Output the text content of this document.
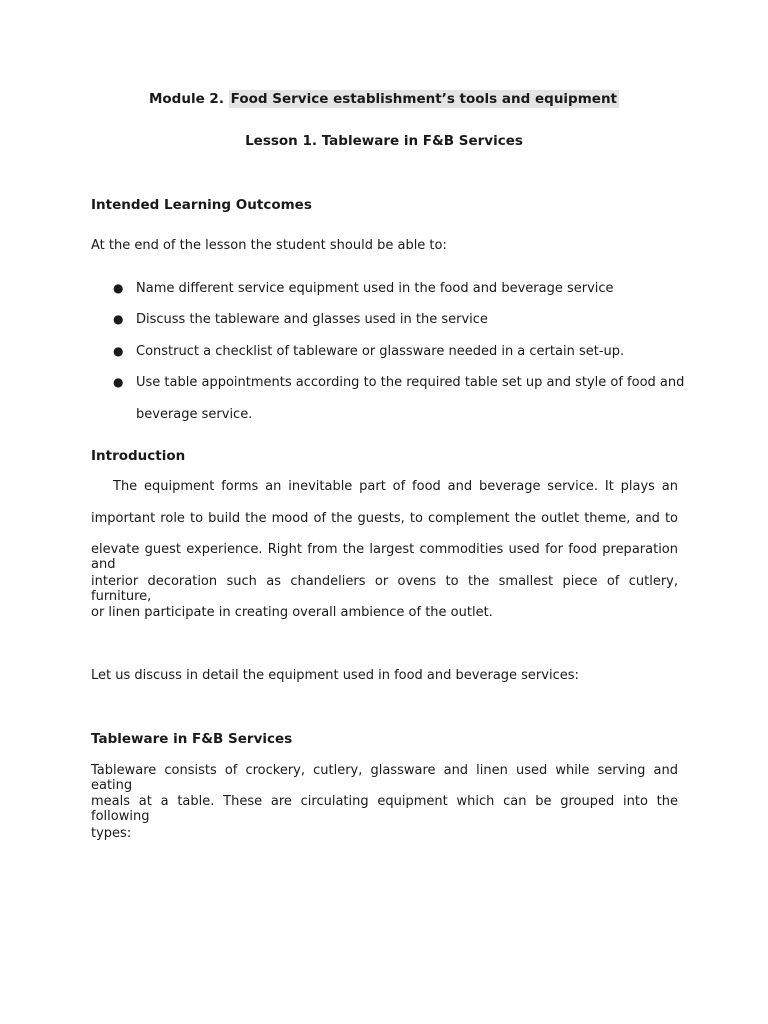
Module 2. Food Service establishment’s tools and equipment
Lesson 1. Tableware in F&B Services
Intended Learning Outcomes
At the end of the lesson the student should be able to:
● Name different service equipment used in the food and beverage service
● Discuss the tableware and glasses used in the service
● Construct a checklist of tableware or glassware needed in a certain set-up.
● Use table appointments according to the required table set up and style of food and
beverage service.
Introduction
The equipment forms an inevitable part of food and beverage service. It plays an
important role to build the mood of the guests, to complement the outlet theme, and to
elevate guest experience. Right from the largest commodities used for food preparation and
interior decoration such as chandeliers or ovens to the smallest piece of cutlery, furniture,
or linen participate in creating overall ambience of the outlet.
Let us discuss in detail the equipment used in food and beverage services:
Tableware in F&B Services
Tableware consists of crockery, cutlery, glassware and linen used while serving and eating
meals at a table. These are circulating equipment which can be grouped into the following
types:
